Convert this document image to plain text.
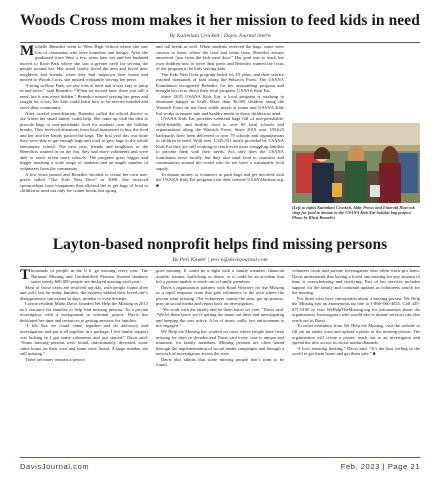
Woods Cross mom makes it her mission to feed kids in need
By Kaiimlani Crockett | Davis Journal intern

Michelle Benedict went to West High School where she saw lots of classmates who were homeless and hungry. After she graduated from West a few years later her and her husband moved to Rose Park where she saw a greater need for serving the people around her. Her small family loved the area and loved their neighbors and friends, when they had outgrown their house and moved to Woods Cross, she missed constantly serving her peers.

“Living in Rose Park, we saw tons of need and it was easy to jump in and serve,” said Benedict. “When we moved here, there was still a need, but it was more hidden.” Benedict missed serving her peers and sought for a way her kids could learn how to be service minded and serve their community.

After careful consideration, Benedict called the school district to see where her small family could help. She came up with the idea to provide bags of non-perishable food for students over the holiday breaks. They received donations from local businesses to buy the food and her and her family packed the bags. The first year this was done they were able to get enough bags and food to give bags to the whole elementary school. The next year, friends and neighbors of the Benedicts wanted in on the fun, they had more volunteers and were able to serve seven more schools. The program grew bigger and bigger reaching a wide range of students and an ample number of volunteers from the community.

A few years passed and Benedict decided to create her own non-profit called “The Kids Nest Door” in 2009. She received sponsorships from companies that allowed her to get bags of food to children in need not only for winter break, but spring

and fall break as well. When students received the bags, some were curious to know where the food had come from, Benedict always answered “just from the kids next door.” Her goal was to teach her own children how to serve their peers and Benedict wanted the focus of the program to be kids serving kids.

The Kids Nest Door program lasted for 10 years, and their service reached thousands of kids along the Wasatch Front. The USANA Foundation recognized Benedict for her outstanding program and brought her on to direct their local program, USANA Kids Eat.

Since 2019 USANA Kids Eat, a local program is working to eliminate hunger in Utah. More than 36,000 children along the Wasatch Front do not have stable meals at home and USANA Kids Eat works to ensure safe and healthy meals to those children in need.

USANA Kids Eat provides weekend bags full of non-perishable, child-friendly, and healthy food to over 65 local schools and organizations along the Wasatch Front. Since 2019 over 150,623 backpacks have been delivered to over 79 schools and organizations to children in need. With over 1,345,051 meals provided by USANA Kids Eat they are still working to reach even more struggling families to provide them with their needs. Not only does the USANA foundation serve locally, but they also send food to countries and communities around the world who do not have a sustainable food supply.

To donate money or volunteer to pack bags and get involved with the USANA Kids Eat program visit their website USANAkidseat.org. ■

(Left to right) Kaiimlani Crockett, Abby Prows and Emerald Haycock shop for food to donate to the USANA Kids Eat holiday bag project. Photo by Rhett Benedict
Layton-based nonprofit helps find missing persons
By Peri Kinder | peri.k@davisjournal.com

Thousands of people in the U.S. go missing every year. The National Missing and Unidentified Persons System database states nearly 600,000 people are declared missing each year.

Most of those cases are resolved quickly, with people found alive and well, but for many families, the mystery behind their loved one’s disappearance can extend to days, months or even decades.

Layton resident Marki Davis founded We Help the Missing in 2013 as a resource for families to help find missing persons. As a private investigator with a background in criminal justice, Davis has dedicated her time and resources to getting answers for families.

“I felt like we could come together and do advocacy and investigation and put it all together in a package. I felt family support was lacking so I got some volunteers and just started,” Davis said. “Some missing persons were found, unfortunately, deceased, some came home on their own and some were found. A large number are still missing.”

There are many reasons a person

goes missing. It could be a fight with a family member, financial trouble, trauma, trafficking or abuse, or it could be an accident that left a person unable to reach out to family members.

Davis’s organization partners with Road Warriors for the Missing as a rapid response team that gets volunteers to the area where the person went missing. The volunteers canvas the area, put up posters, post on social media and report back on investigators.

“We work with the family and let them know we care,” Davis said. “We let them know we’re getting the name out there and investigating and keeping the case active. A lot of times, sadly, law enforcement is not engaged.”

We Help the Missing has worked on cases where people have been missing for days or decades and Davis said every case is unique and traumatic for family members. Missing persons are often found through the implementation of social media campaigns and through a network of investigators across the state.

Davis also admits that some missing people don’t want to be found.

volunteer work and private investigators who often work pro bono. Davis understands that having a loved one missing for any amount of time is overwhelming and terrifying. Part of her services includes support for the family and continual updates as volunteers search for the missing.

For those who have information about a missing person, We Help the Missing has an anonymous tip line at 1-866-660-4025. Call 435-671-8100 or visit WeHelpTheMissing.org for information about the organization. Investigators who would like to donate services can also reach out to Davis.

To enlist assistance from We Help the Missing, visit the website to fill out an intake form and upload a photo of the missing person. The organization will create a poster, reach out to an investigator and spread the info across its social media channels.

“I love ensuring healing,” Davis said. “It’s the best feeling in the world to get them home and get them safe.” ■

DavisJournal.com	Feb. 2023 | Page 21
